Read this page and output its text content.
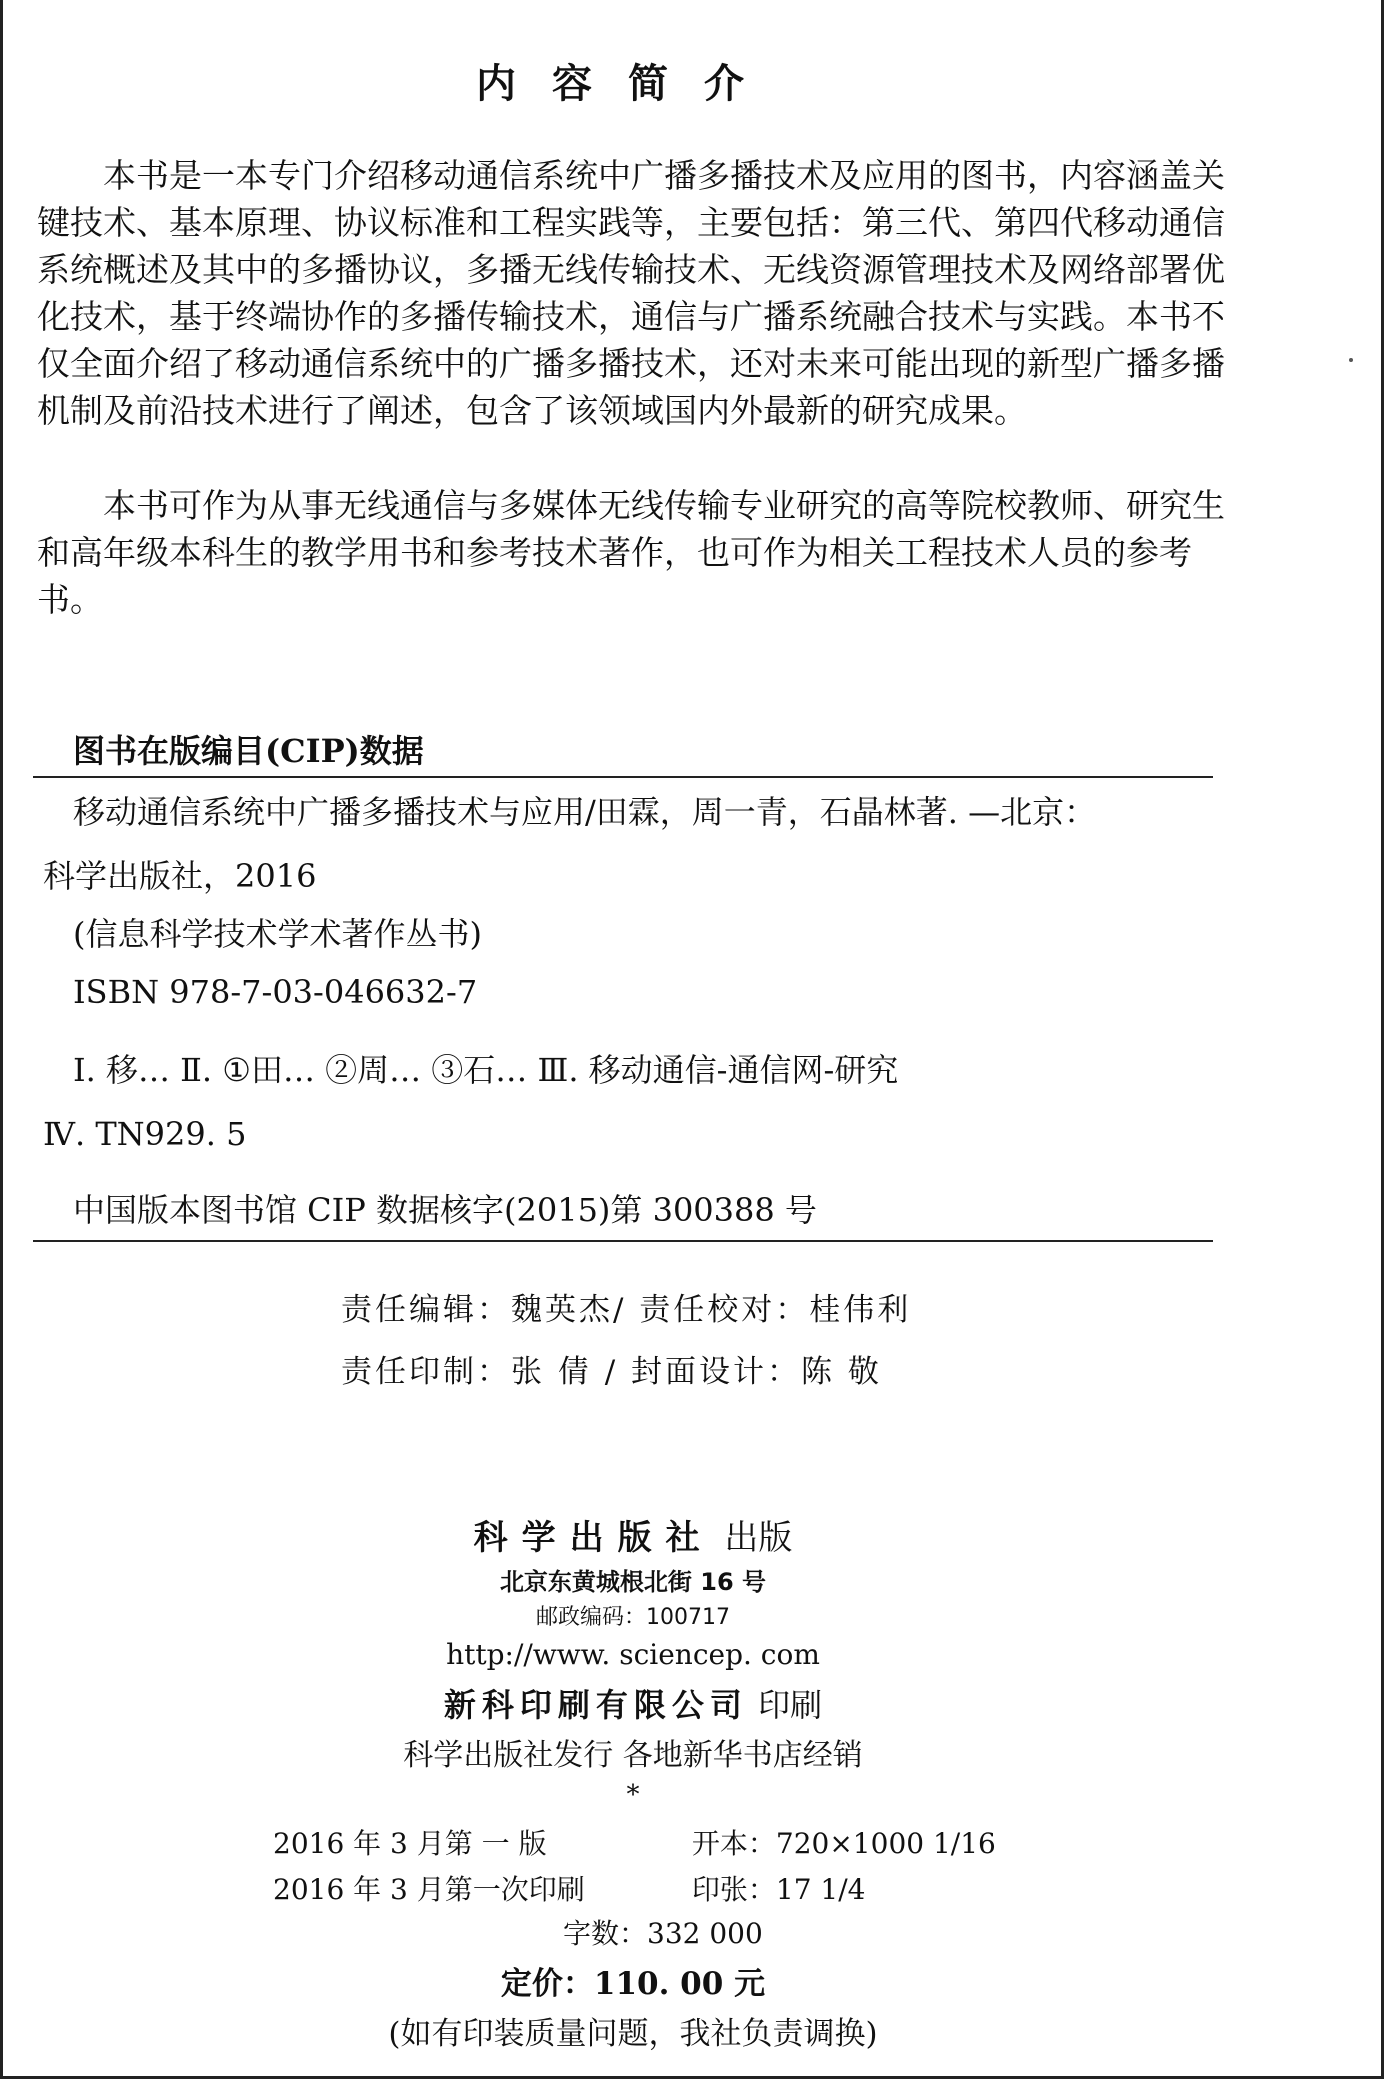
内容简介

本书是一本专门介绍移动通信系统中广播多播技术及应用的图书，内容涵盖关键技术、基本原理、协议标准和工程实践等，主要包括：第三代、第四代移动通信系统概述及其中的多播协议，多播无线传输技术、无线资源管理技术及网络部署优化技术，基于终端协作的多播传输技术，通信与广播系统融合技术与实践。本书不仅全面介绍了移动通信系统中的广播多播技术，还对未来可能出现的新型广播多播机制及前沿技术进行了阐述，包含了该领域国内外最新的研究成果。

本书可作为从事无线通信与多媒体无线传输专业研究的高等院校教师、研究生和高年级本科生的教学用书和参考技术著作，也可作为相关工程技术人员的参考书。

图书在版编目(CIP)数据
移动通信系统中广播多播技术与应用/田霖，周一青，石晶林著. —北京：
科学出版社，2016
(信息科学技术学术著作丛书)
ISBN 978-7-03-046632-7
Ⅰ. 移… Ⅱ. ①田… ②周… ③石… Ⅲ. 移动通信-通信网-研究
Ⅳ. TN929. 5
中国版本图书馆 CIP 数据核字(2015)第 300388 号
责任编辑：魏英杰/ 责任校对：桂伟利
责任印制：张 倩 / 封面设计：陈 敬
科学出版社 出版
北京东黄城根北街 16 号
邮政编码：100717
http://www. sciencep. com
新科印刷有限公司 印刷
科学出版社发行 各地新华书店经销
*
2016 年 3 月第 一 版	开本：720×1000 1/16
2016 年 3 月第一次印刷	印张：17 1/4
字数：332 000
定价：110. 00 元
(如有印装质量问题，我社负责调换)
